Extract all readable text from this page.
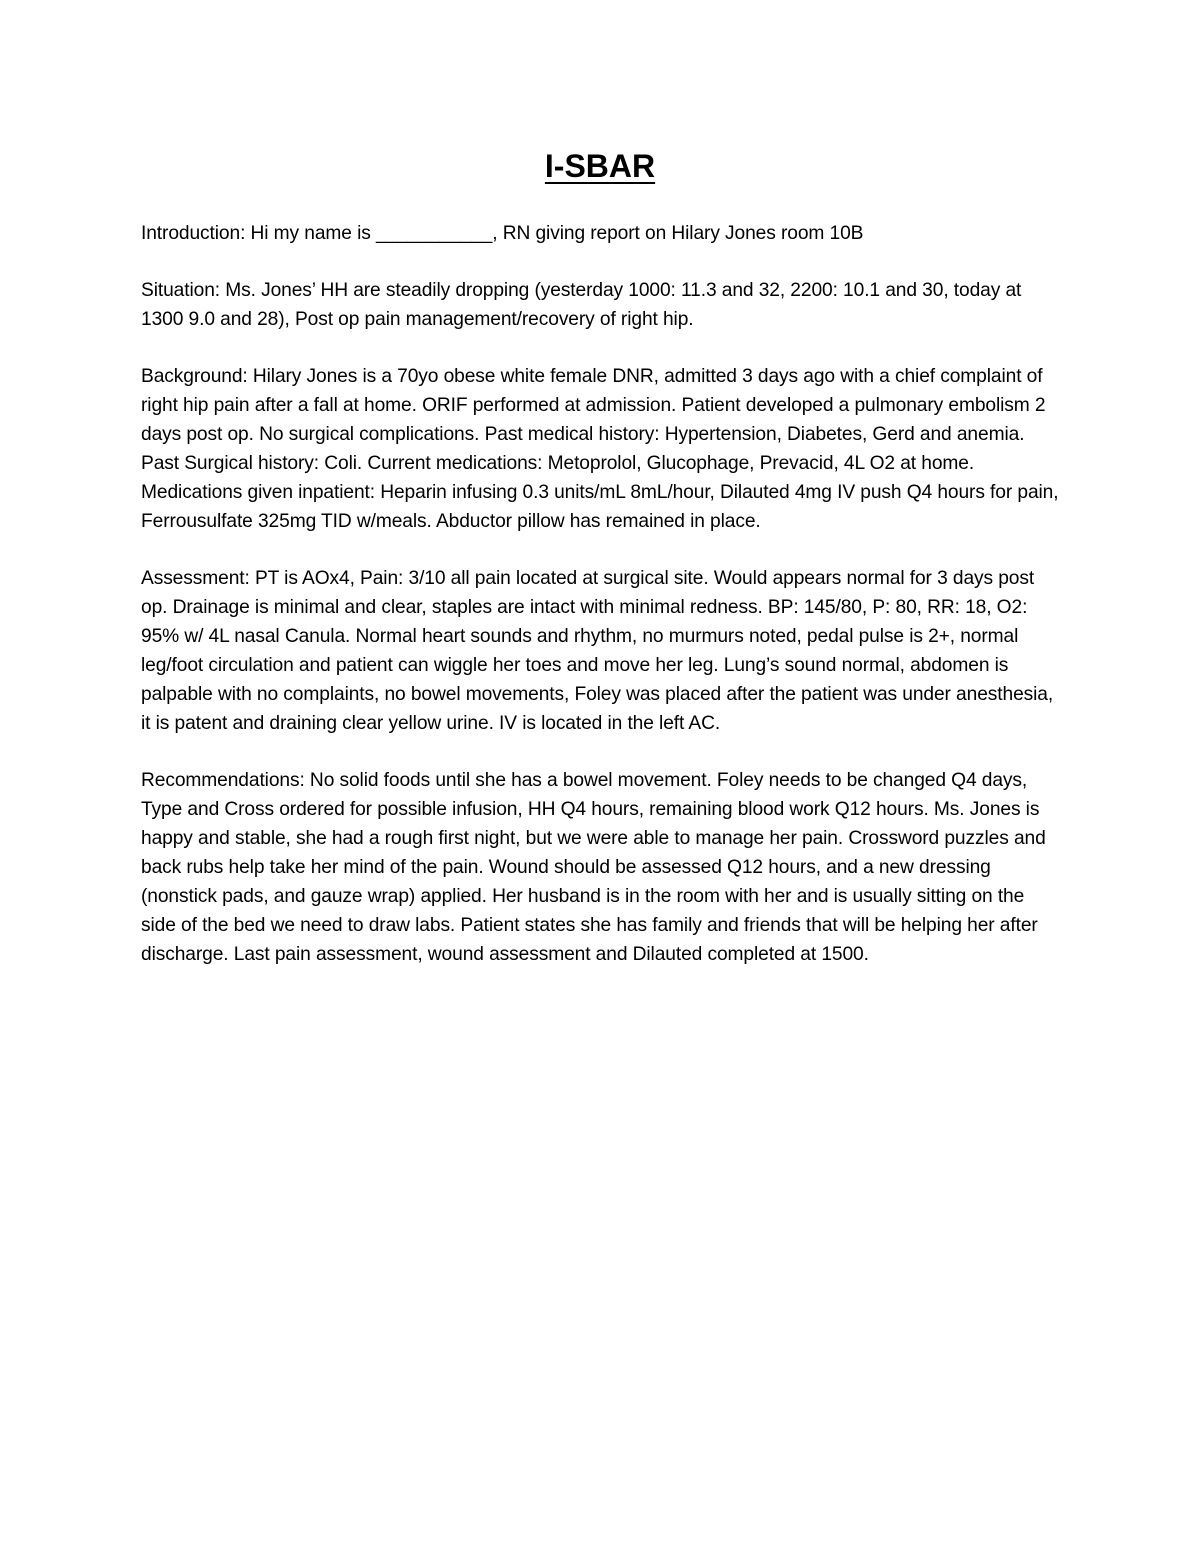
I-SBAR

Introduction: Hi my name is ___________, RN giving report on Hilary Jones room 10B

Situation: Ms. Jones’ HH are steadily dropping (yesterday 1000: 11.3 and 32, 2200: 10.1 and 30, today at 1300 9.0 and 28), Post op pain management/recovery of right hip.

Background: Hilary Jones is a 70yo obese white female DNR, admitted 3 days ago with a chief complaint of right hip pain after a fall at home. ORIF performed at admission. Patient developed a pulmonary embolism 2 days post op. No surgical complications. Past medical history: Hypertension, Diabetes, Gerd and anemia. Past Surgical history: Coli. Current medications: Metoprolol, Glucophage, Prevacid, 4L O2 at home. Medications given inpatient: Heparin infusing 0.3 units/mL 8mL/hour, Dilauted 4mg IV push Q4 hours for pain, Ferrousulfate 325mg TID w/meals. Abductor pillow has remained in place.

Assessment: PT is AOx4, Pain: 3/10 all pain located at surgical site. Would appears normal for 3 days post op. Drainage is minimal and clear, staples are intact with minimal redness. BP: 145/80, P: 80, RR: 18, O2: 95% w/ 4L nasal Canula. Normal heart sounds and rhythm, no murmurs noted, pedal pulse is 2+, normal leg/foot circulation and patient can wiggle her toes and move her leg. Lung’s sound normal, abdomen is palpable with no complaints, no bowel movements, Foley was placed after the patient was under anesthesia, it is patent and draining clear yellow urine. IV is located in the left AC.

Recommendations: No solid foods until she has a bowel movement. Foley needs to be changed Q4 days, Type and Cross ordered for possible infusion, HH Q4 hours, remaining blood work Q12 hours. Ms. Jones is happy and stable, she had a rough first night, but we were able to manage her pain. Crossword puzzles and back rubs help take her mind of the pain. Wound should be assessed Q12 hours, and a new dressing (nonstick pads, and gauze wrap) applied. Her husband is in the room with her and is usually sitting on the side of the bed we need to draw labs. Patient states she has family and friends that will be helping her after discharge. Last pain assessment, wound assessment and Dilauted completed at 1500.
